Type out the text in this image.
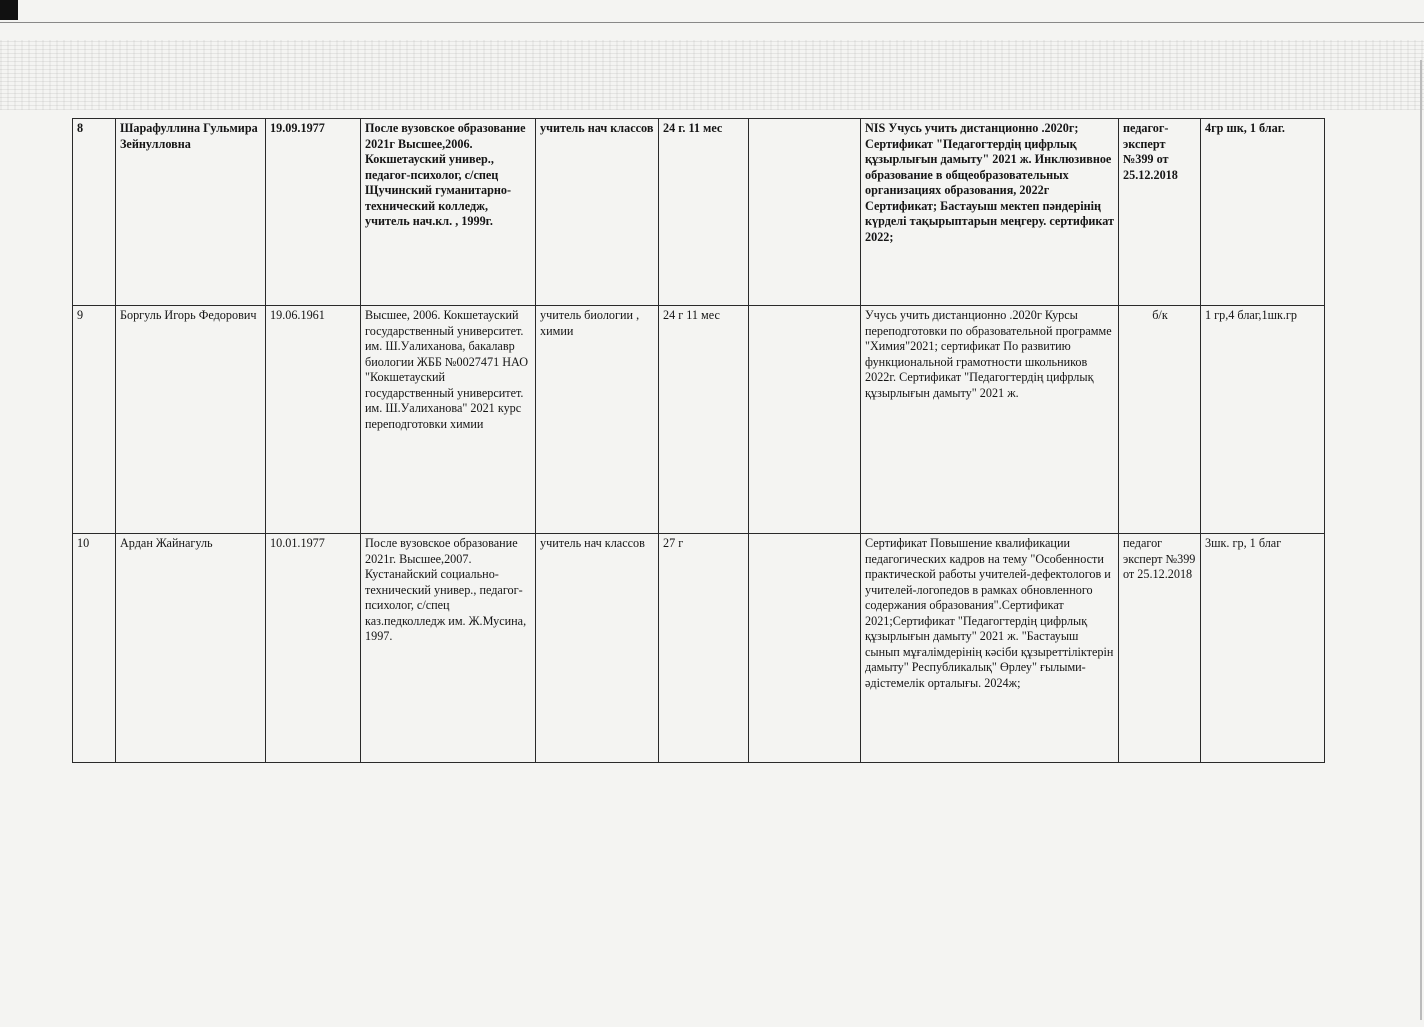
8	Шарафуллина Гульмира Зейнулловна	19.09.1977	После вузовское образование 2021г Высшее,2006. Кокшетауский универ., педагог-психолог, с/спец Щучинский гуманитарно-технический колледж, учитель нач.кл. , 1999г.	учитель нач классов	24 г. 11 мес		NIS Учусь учить дистанционно .2020г; Сертификат "Педагогтердің цифрлық құзырлығын дамыту" 2021 ж. Инклюзивное образование в общеобразовательных организациях образования, 2022г Сертификат; Бастауыш мектеп пәндерінің күрделі тақырыптарын меңгеру. сертификат 2022;	педагог-эксперт №399 от 25.12.2018	4гр шк, 1 благ.
9	Боргуль Игорь Федорович	19.06.1961	Высшее, 2006. Кокшетауский государственный университет. им. Ш.Уалиханова, бакалавр биологии ЖББ №0027471 НАО "Кокшетауский государственный университет. им. Ш.Уалиханова" 2021 курс переподготовки химии	учитель биологии , химии	24 г 11 мес		Учусь учить дистанционно .2020г Курсы переподготовки по образовательной программе "Химия"2021; сертификат По развитию функциональной грамотности школьников 2022г. Сертификат "Педагогтердің цифрлық құзырлығын дамыту" 2021 ж.	б/к	1 гр,4 благ,1шк.гр
10	Ардан Жайнагуль	10.01.1977	После вузовское образование 2021г. Высшее,2007. Кустанайский социально-технический универ., педагог-психолог, с/спец каз.педколледж им. Ж.Мусина, 1997.	учитель нач классов	27 г		Сертификат Повышение квалификации педагогических кадров на тему "Особенности практической работы учителей-дефектологов и учителей-логопедов в рамках обновленного содержания образования".Сертификат 2021;Сертификат "Педагогтердің цифрлық құзырлығын дамыту" 2021 ж. "Бастауыш сынып мұғалімдерінің кәсіби құзыреттіліктерін дамыту" Республикалық" Өрлеу" ғылыми-әдістемелік орталығы. 2024ж;	педагог эксперт №399 от 25.12.2018	3шк. гр, 1 благ
